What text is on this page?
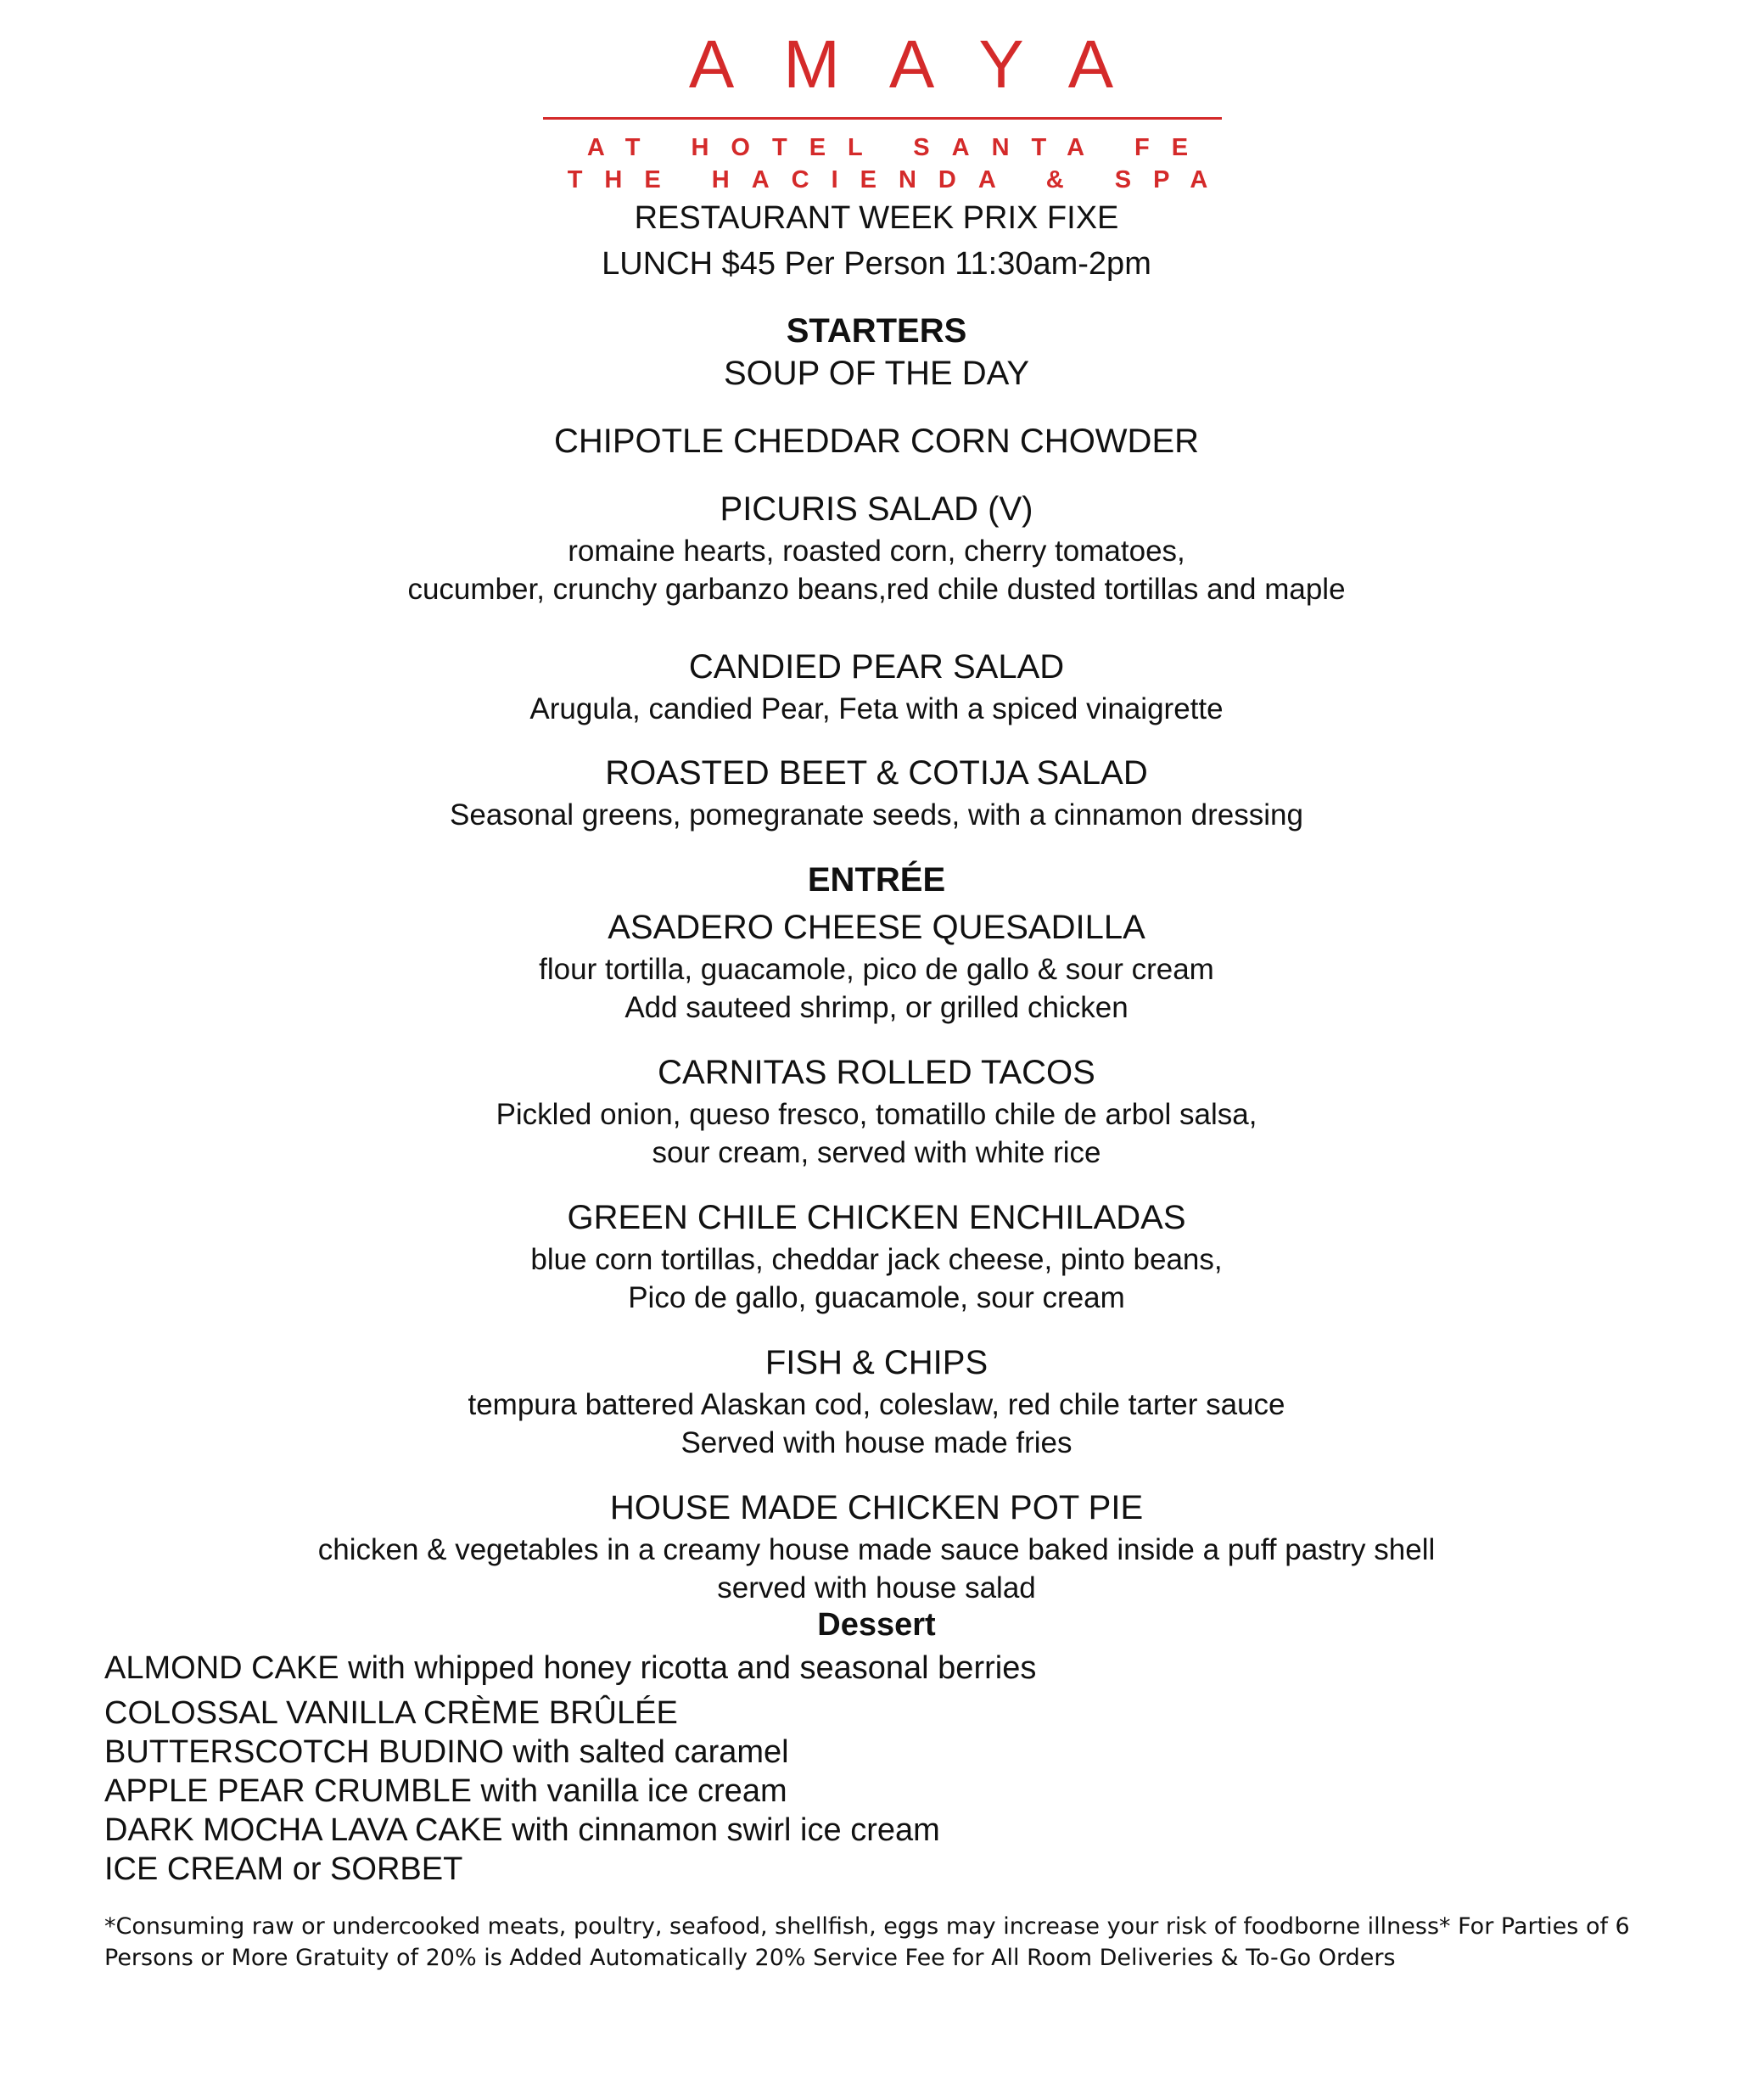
AMAYA
AT HOTEL SANTA FE
THE HACIENDA & SPA
RESTAURANT WEEK PRIX FIXE
LUNCH $45 Per Person 11:30am-2pm
STARTERS
SOUP OF THE DAY
CHIPOTLE CHEDDAR CORN CHOWDER
PICURIS SALAD (V)
romaine hearts, roasted corn, cherry tomatoes,
cucumber, crunchy garbanzo beans,red chile dusted tortillas and maple
CANDIED PEAR SALAD
Arugula, candied Pear, Feta with a spiced vinaigrette
ROASTED BEET & COTIJA SALAD
Seasonal greens, pomegranate seeds, with a cinnamon dressing
ENTRÉE
ASADERO CHEESE QUESADILLA
flour tortilla, guacamole, pico de gallo & sour cream
Add sauteed shrimp, or grilled chicken
CARNITAS ROLLED TACOS
Pickled onion, queso fresco, tomatillo chile de arbol salsa,
sour cream, served with white rice
GREEN CHILE CHICKEN ENCHILADAS
blue corn tortillas, cheddar jack cheese, pinto beans,
Pico de gallo, guacamole, sour cream
FISH & CHIPS
tempura battered Alaskan cod, coleslaw, red chile tarter sauce
Served with house made fries
HOUSE MADE CHICKEN POT PIE
chicken & vegetables in a creamy house made sauce baked inside a puff pastry shell
served with house salad
Dessert
ALMOND CAKE with whipped honey ricotta and seasonal berries
COLOSSAL VANILLA CRÈME BRÛLÉE
BUTTERSCOTCH BUDINO with salted caramel
APPLE PEAR CRUMBLE with vanilla ice cream
DARK MOCHA LAVA CAKE with cinnamon swirl ice cream
ICE CREAM or SORBET
*Consuming raw or undercooked meats, poultry, seafood, shellfish, eggs may increase your risk of foodborne illness* For Parties of 6 Persons or More Gratuity of 20% is Added Automatically 20% Service Fee for All Room Deliveries & To-Go Orders
